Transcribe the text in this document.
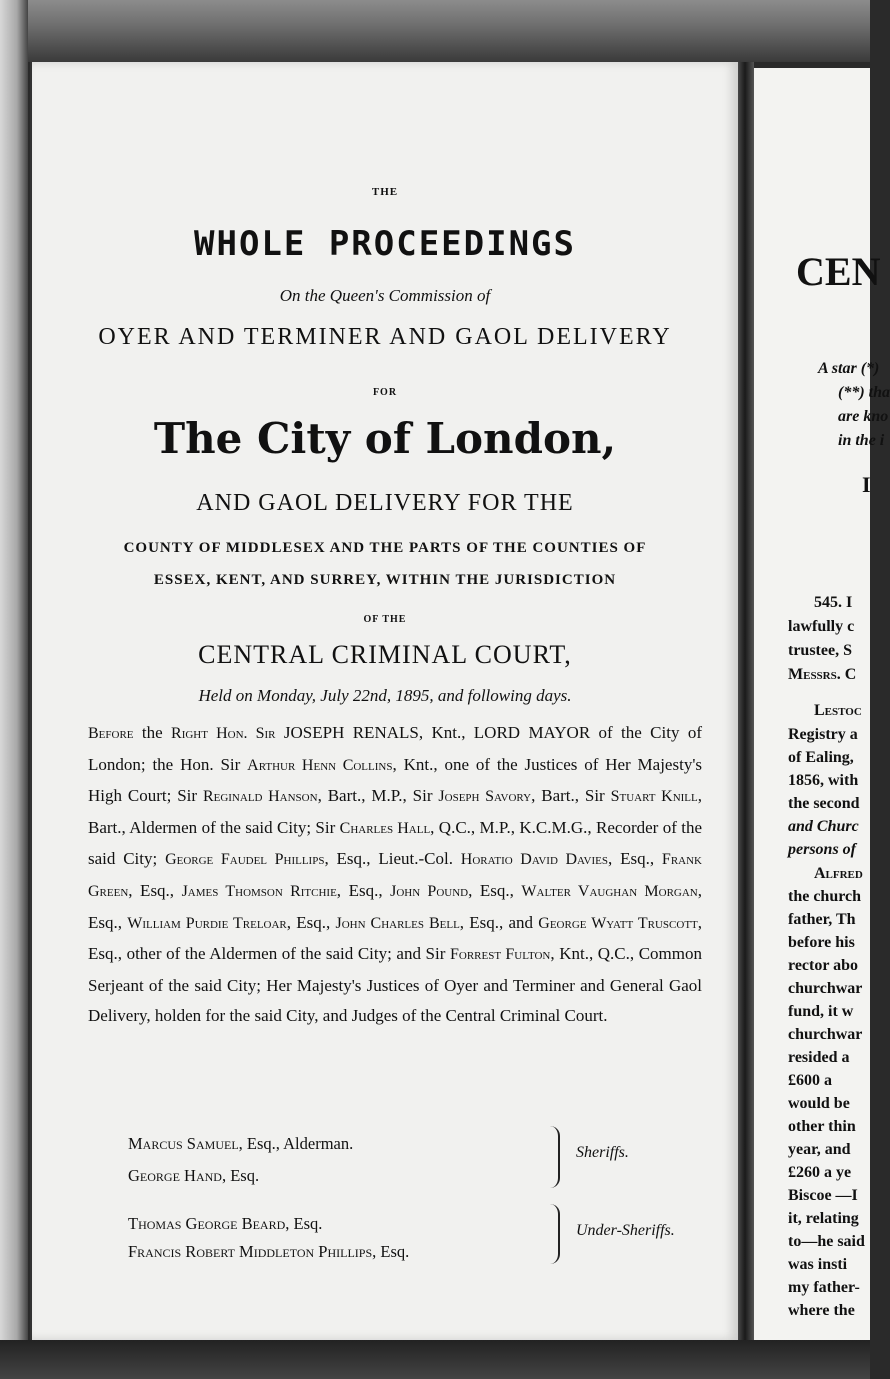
THE
WHOLE PROCEEDINGS
On the Queen's Commission of
OYER AND TERMINER AND GAOL DELIVERY
FOR
The City of London,
AND GAOL DELIVERY FOR THE
COUNTY OF MIDDLESEX AND THE PARTS OF THE COUNTIES OF
ESSEX, KENT, AND SURREY, WITHIN THE JURISDICTION
OF THE
CENTRAL CRIMINAL COURT,
Held on Monday, July 22nd, 1895, and following days.
Before the Right Hon. Sir JOSEPH RENALS, Knt., LORD MAYOR of the City of London; the Hon. Sir Arthur Henn Collins, Knt., one of the Justices of Her Majesty's High Court; Sir Reginald Hanson, Bart., M.P., Sir Joseph Savory, Bart., Sir Stuart Knill, Bart., Aldermen of the said City; Sir Charles Hall, Q.C., M.P., K.C.M.G., Recorder of the said City; George Faudel Phillips, Esq., Lieut.-Col. Horatio David Davies, Esq., Frank Green, Esq., James Thomson Ritchie, Esq., John Pound, Esq., Walter Vaughan Morgan, Esq., William Purdie Treloar, Esq., John Charles Bell, Esq., and George Wyatt Truscott, Esq., other of the Aldermen of the said City; and Sir Forrest Fulton, Knt., Q.C., Common Serjeant of the said City; Her Majesty's Justices of Oyer and Terminer and General Gaol Delivery, holden for the said City, and Judges of the Central Criminal Court.
Marcus Samuel, Esq., Alderman.
George Hand, Esq.
Sheriffs.
Thomas George Beard, Esq.
Francis Robert Middleton Phillips, Esq.
Under-Sheriffs.
CEN
A star (*)
(**) tha
are kno
in the i
I
545. I
lawfully c
trustee, S
Messrs. C
Lestoc
Registry a
of Ealing,
1856, with
the second
and Churc
persons of
Alfred
the church
father, Th
before his
rector abo
churchwar
fund, it w
churchwar
resided a
£600 a
would be
other thin
year, and
£260 a ye
Biscoe —I
it, relating
to—he said
was insti
my father-
where the
